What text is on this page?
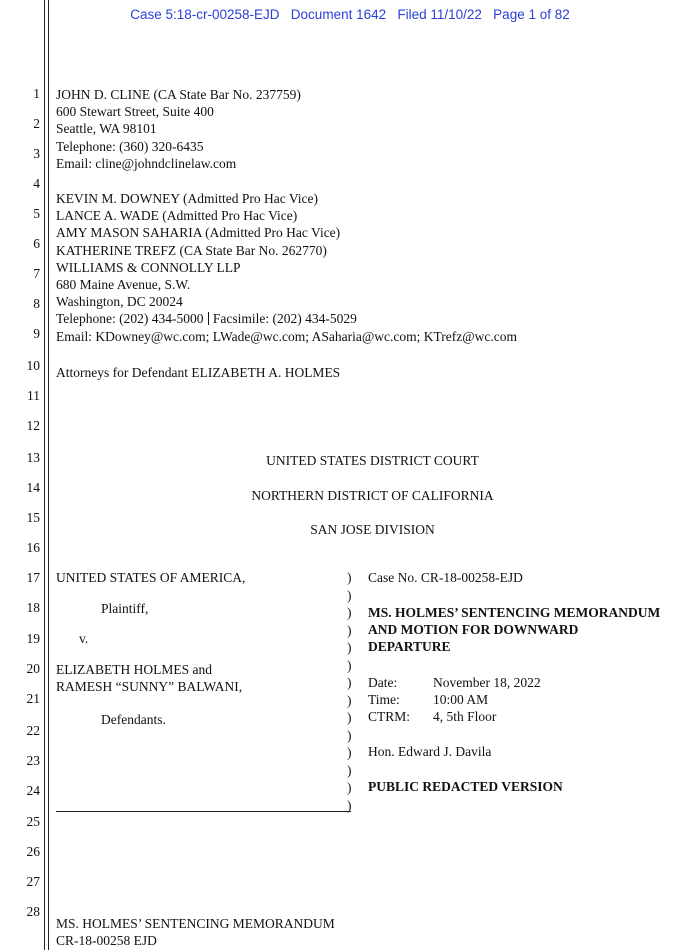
Case 5:18-cr-00258-EJD   Document 1642   Filed 11/10/22   Page 1 of 82
1
2
3
4
5
6
7
8
9
10
11
12
13
14
15
16
17
18
19
20
21
22
23
24
25
26
27
28
JOHN D. CLINE (CA State Bar No. 237759)
600 Stewart Street, Suite 400
Seattle, WA 98101
Telephone: (360) 320-6435
Email: cline@johndclinelaw.com
KEVIN M. DOWNEY (Admitted Pro Hac Vice)
LANCE A. WADE (Admitted Pro Hac Vice)
AMY MASON SAHARIA (Admitted Pro Hac Vice)
KATHERINE TREFZ (CA State Bar No. 262770)
WILLIAMS & CONNOLLY LLP
680 Maine Avenue, S.W.
Washington, DC 20024
Telephone: (202) 434-5000 Facsimile: (202) 434-5029
Email: KDowney@wc.com; LWade@wc.com; ASaharia@wc.com; KTrefz@wc.com
Attorneys for Defendant ELIZABETH A. HOLMES
UNITED STATES DISTRICT COURT
NORTHERN DISTRICT OF CALIFORNIA
SAN JOSE DIVISION
UNITED STATES OF AMERICA,
Plaintiff,
v.
ELIZABETH HOLMES and
RAMESH “SUNNY” BALWANI,
Defendants.
)
)
)
)
)
)
)
)
)
)
)
)
)
)
Case No. CR-18-00258-EJD
MS. HOLMES’ SENTENCING MEMORANDUM
AND MOTION FOR DOWNWARD
DEPARTURE
Date:	November 18, 2022
Time: 10:00 AM
CTRM: 4, 5th Floor
Hon. Edward J. Davila
PUBLIC REDACTED VERSION
MS. HOLMES’ SENTENCING MEMORANDUM
CR-18-00258 EJD
